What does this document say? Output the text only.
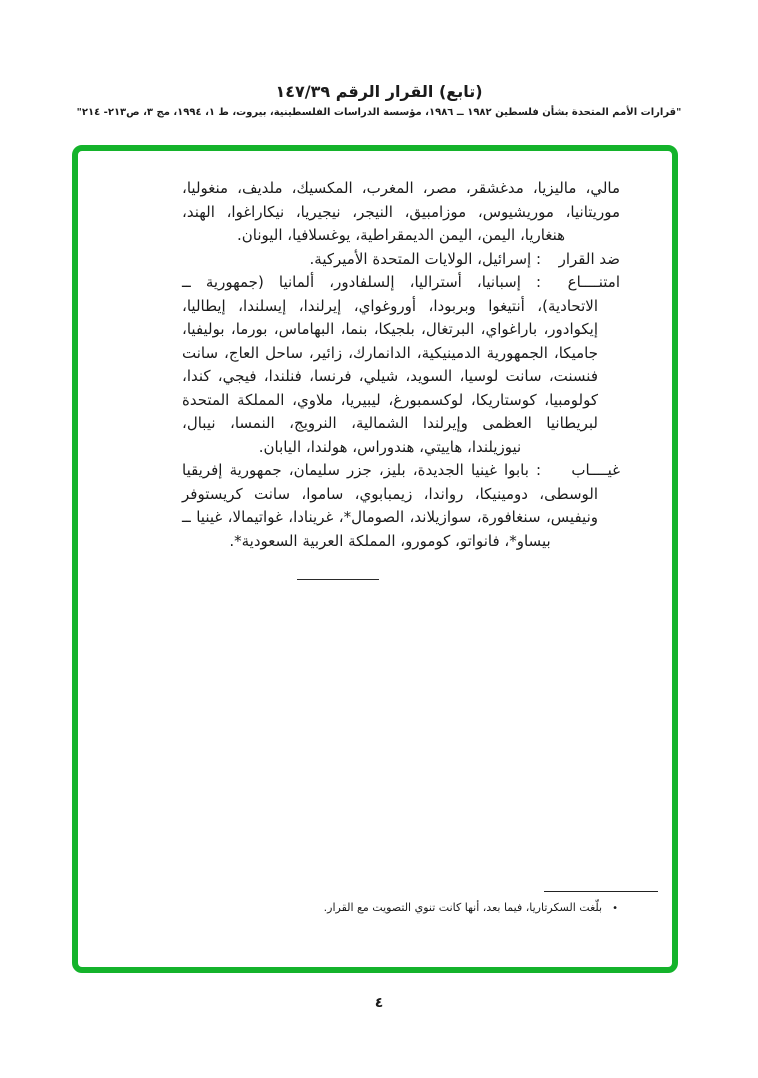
(تابع) القرار الرقم ١٤٧/٣٩
"قرارات الأمم المتحدة بشأن فلسطين ١٩٨٢ ــ ١٩٨٦، مؤسسة الدراسات الفلسطينية، بيروت، ط ١، ١٩٩٤، مج ٣، ص٢١٣- ٢١٤"

مالي، ماليزيا، مدغشقر، مصر، المغرب، المكسيك، ملديف، منغوليا، موريتانيا، موريشيوس، موزامبيق، النيجر، نيجيريا، نيكاراغوا، الهند، هنغاريا، اليمن، اليمن الديمقراطية، يوغسلافيا، اليونان.

ضد القرار
:
إسرائيل، الولايات المتحدة الأميركية.

امتنــــاع
:
إسبانيا، أستراليا، إلسلفادور، ألمانيا (جمهورية ــ الاتحادية)، أنتيغوا وبربودا، أوروغواي، إيرلندا، إيسلندا، إيطاليا، إيكوادور، باراغواي، البرتغال، بلجيكا، بنما، البهاماس، بورما، بوليفيا، جاميكا، الجمهورية الدمينيكية، الدانمارك، زائير، ساحل العاج، سانت فنسنت، سانت لوسيا، السويد، شيلي، فرنسا، فنلندا، فيجي، كندا، كولومبيا، كوستاريكا، لوكسمبورغ، ليبيريا، ملاوي، المملكة المتحدة لبريطانيا العظمى وإيرلندا الشمالية، النرويج، النمسا، نيبال، نيوزيلندا، هاييتي، هندوراس، هولندا، اليابان.

غيــــاب
:
بابوا غينيا الجديدة، بليز، جزر سليمان، جمهورية إفريقيا الوسطى، دومينيكا، رواندا، زيمبابوي، ساموا، سانت كريستوفر ونيفيس، سنغافورة، سوازيلاند، الصومال*، غرينادا، غواتيمالا، غينيا ــ بيساو*، فانواتو، كومورو، المملكة العربية السعودية*.

•بلّغت السكرتاريا، فيما بعد، أنها كانت تنوي التصويت مع القرار.
٤
